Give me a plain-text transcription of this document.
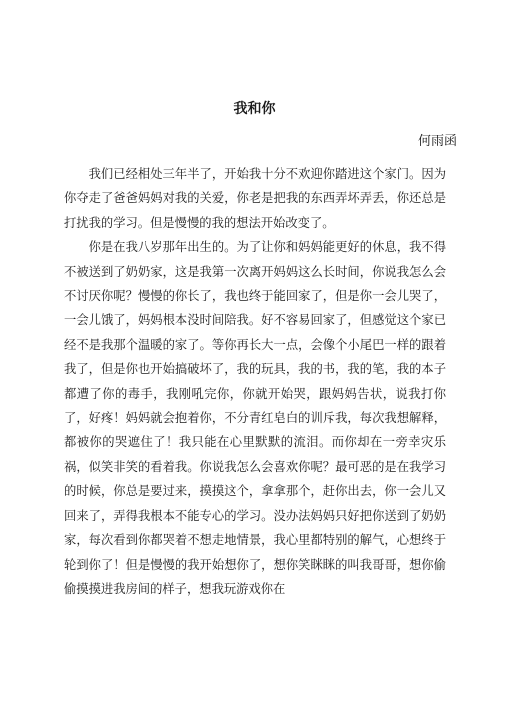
我和你
何雨函

我们已经相处三年半了，开始我十分不欢迎你踏进这个家门。因为你夺走了爸爸妈妈对我的关爱，你老是把我的东西弄坏弄丢，你还总是打扰我的学习。但是慢慢的我的想法开始改变了。

你是在我八岁那年出生的。为了让你和妈妈能更好的休息，我不得不被送到了奶奶家，这是我第一次离开妈妈这么长时间，你说我怎么会不讨厌你呢？慢慢的你长了，我也终于能回家了，但是你一会儿哭了，一会儿饿了，妈妈根本没时间陪我。好不容易回家了，但感觉这个家已经不是我那个温暖的家了。等你再长大一点，会像个小尾巴一样的跟着我了，但是你也开始搞破坏了，我的玩具，我的书，我的笔，我的本子都遭了你的毒手，我刚吼完你，你就开始哭，跟妈妈告状，说我打你了，好疼！妈妈就会抱着你，不分青红皂白的训斥我，每次我想解释，都被你的哭遮住了！我只能在心里默默的流泪。而你却在一旁幸灾乐祸，似笑非笑的看着我。你说我怎么会喜欢你呢？最可恶的是在我学习的时候，你总是要过来，摸摸这个，拿拿那个，赶你出去，你一会儿又回来了，弄得我根本不能专心的学习。没办法妈妈只好把你送到了奶奶家，每次看到你都哭着不想走地情景，我心里都特别的解气，心想终于轮到你了！但是慢慢的我开始想你了，想你笑眯眯的叫我哥哥，想你偷偷摸摸进我房间的样子，想我玩游戏你在
